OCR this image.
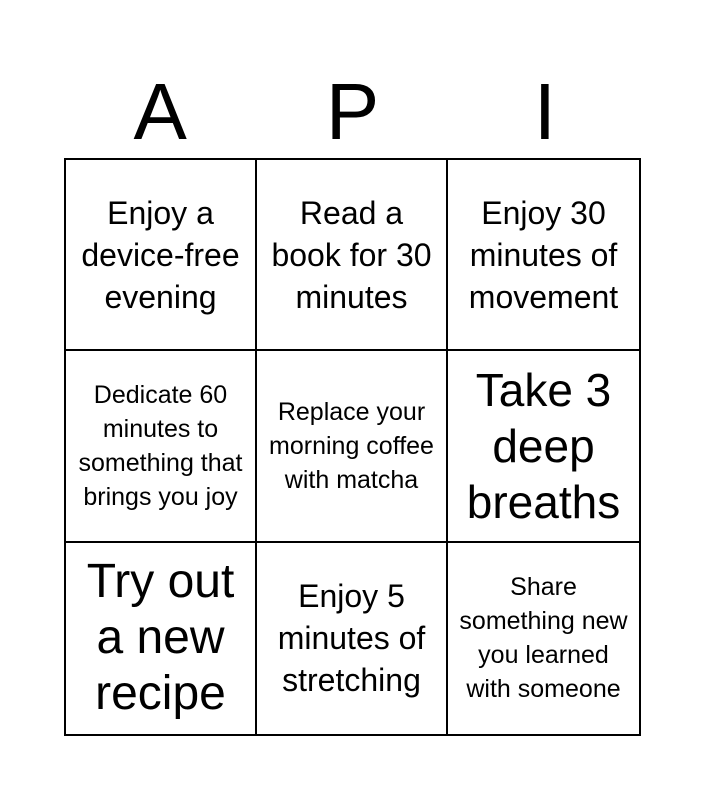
A	P	I
Enjoy a device-free evening
Read a book for 30 minutes
Enjoy 30 minutes of movement
Dedicate 60 minutes to something that brings you joy
Replace your morning coffee with matcha
Take 3 deep breaths
Try out a new recipe
Enjoy 5 minutes of stretching
Share something new you learned with someone
